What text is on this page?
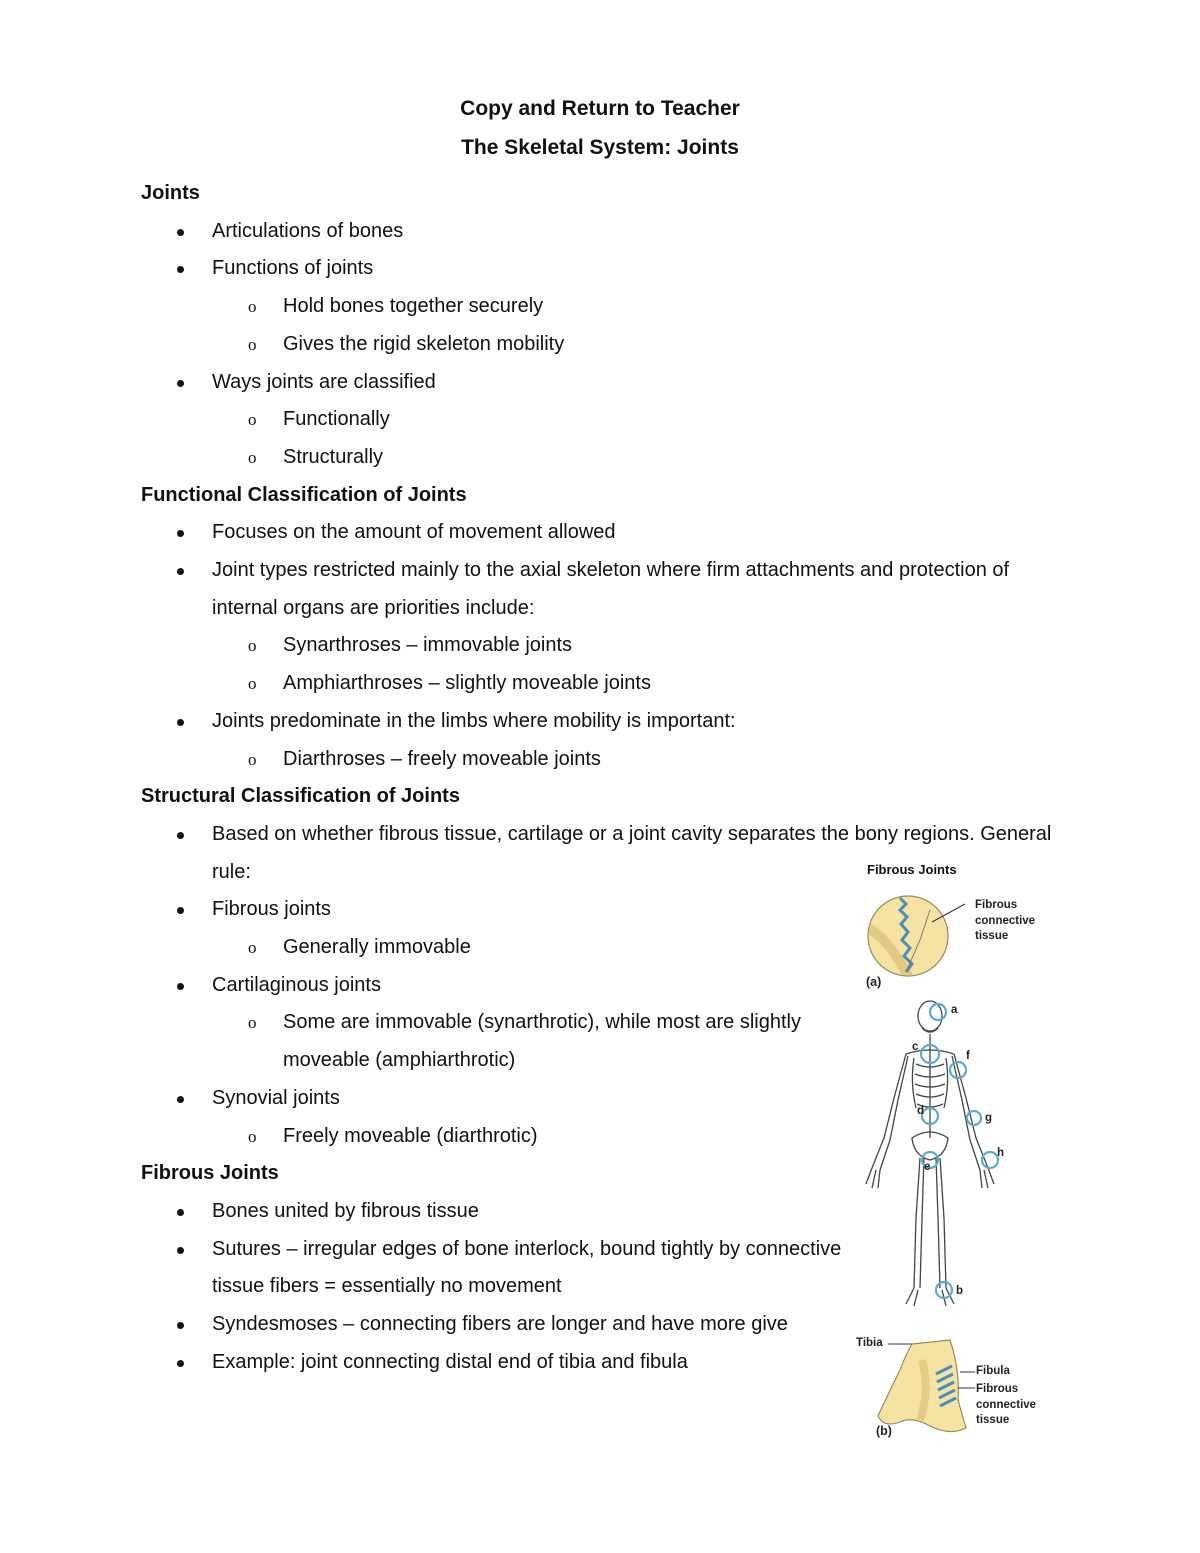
Copy and Return to Teacher
The Skeletal System: Joints
Joints
Articulations of bones
Functions of joints
o Hold bones together securely
o Gives the rigid skeleton mobility
Ways joints are classified
o Functionally
o Structurally
Functional Classification of Joints
Focuses on the amount of movement allowed
Joint types restricted mainly to the axial skeleton where firm attachments and protection of internal organs are priorities include:
o Synarthroses – immovable joints
o Amphiarthroses – slightly moveable joints
Joints predominate in the limbs where mobility is important:
o Diarthroses – freely moveable joints
Structural Classification of Joints
Based on whether fibrous tissue, cartilage or a joint cavity separates the bony regions. General rule:
Fibrous joints
o Generally immovable
Cartilaginous joints
o Some are immovable (synarthrotic), while most are slightly moveable (amphiarthrotic)
Synovial joints
o Freely moveable (diarthrotic)
Fibrous Joints
Bones united by fibrous tissue
Sutures – irregular edges of bone interlock, bound tightly by connective tissue fibers = essentially no movement
Syndesmoses – connecting fibers are longer and have more give
Example: joint connecting distal end of tibia and fibula
Fibrous Joints
Fibrous
connective
tissue
(a)
a
c
f
d
g
e
h
b
Tibia
Fibula
Fibrous
connective
tissue
(b)
